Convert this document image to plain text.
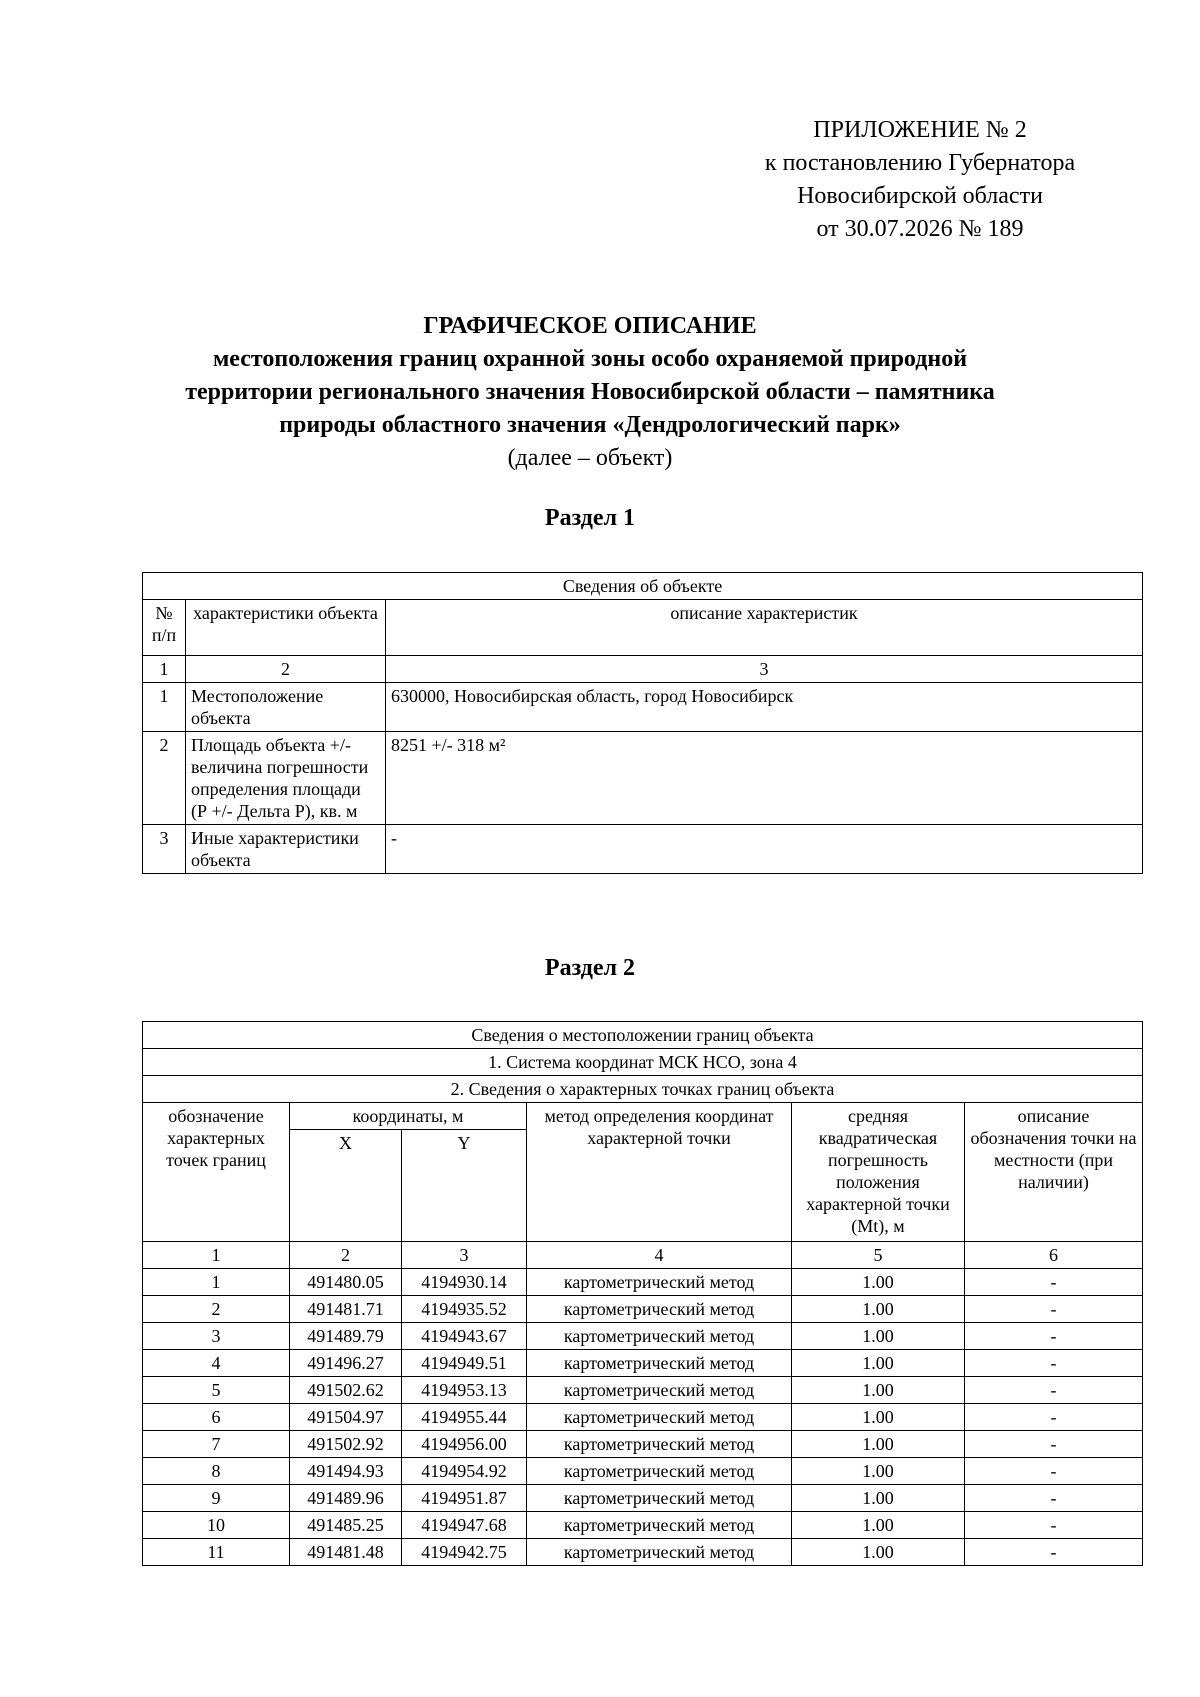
ПРИЛОЖЕНИЕ № 2
к постановлению Губернатора
Новосибирской области
от 30.07.2026 № 189
ГРАФИЧЕСКОЕ ОПИСАНИЕ
местоположения границ охранной зоны особо охраняемой природной
территории регионального значения Новосибирской области – памятника
природы областного значения «Дендрологический парк»
(далее – объект)
Раздел 1
Сведения об объекте		
№ п/п	характеристики объекта	описание характеристик
1	2	3
1	Местоположение объекта	630000, Новосибирская область, город Новосибирск
2	Площадь объекта +/- величина погрешности определения площади (Р +/- Дельта Р), кв. м	8251 +/- 318 м²
3	Иные характеристики объекта	-
Раздел 2
Сведения о местоположении границ объекта					
1. Система координат МСК НСО, зона 4					
2. Сведения о характерных точках границ объекта					
обозначение характерных точек границ	координаты, м		метод определения координат характерной точки	средняя квадратическая погрешность положения характерной точки (Mt), м	описание обозначения точки на местности (при наличии)
	X	Y			
1	2	3	4	5	6
1	491480.05	4194930.14	картометрический метод	1.00	-
2	491481.71	4194935.52	картометрический метод	1.00	-
3	491489.79	4194943.67	картометрический метод	1.00	-
4	491496.27	4194949.51	картометрический метод	1.00	-
5	491502.62	4194953.13	картометрический метод	1.00	-
6	491504.97	4194955.44	картометрический метод	1.00	-
7	491502.92	4194956.00	картометрический метод	1.00	-
8	491494.93	4194954.92	картометрический метод	1.00	-
9	491489.96	4194951.87	картометрический метод	1.00	-
10	491485.25	4194947.68	картометрический метод	1.00	-
11	491481.48	4194942.75	картометрический метод	1.00	-
